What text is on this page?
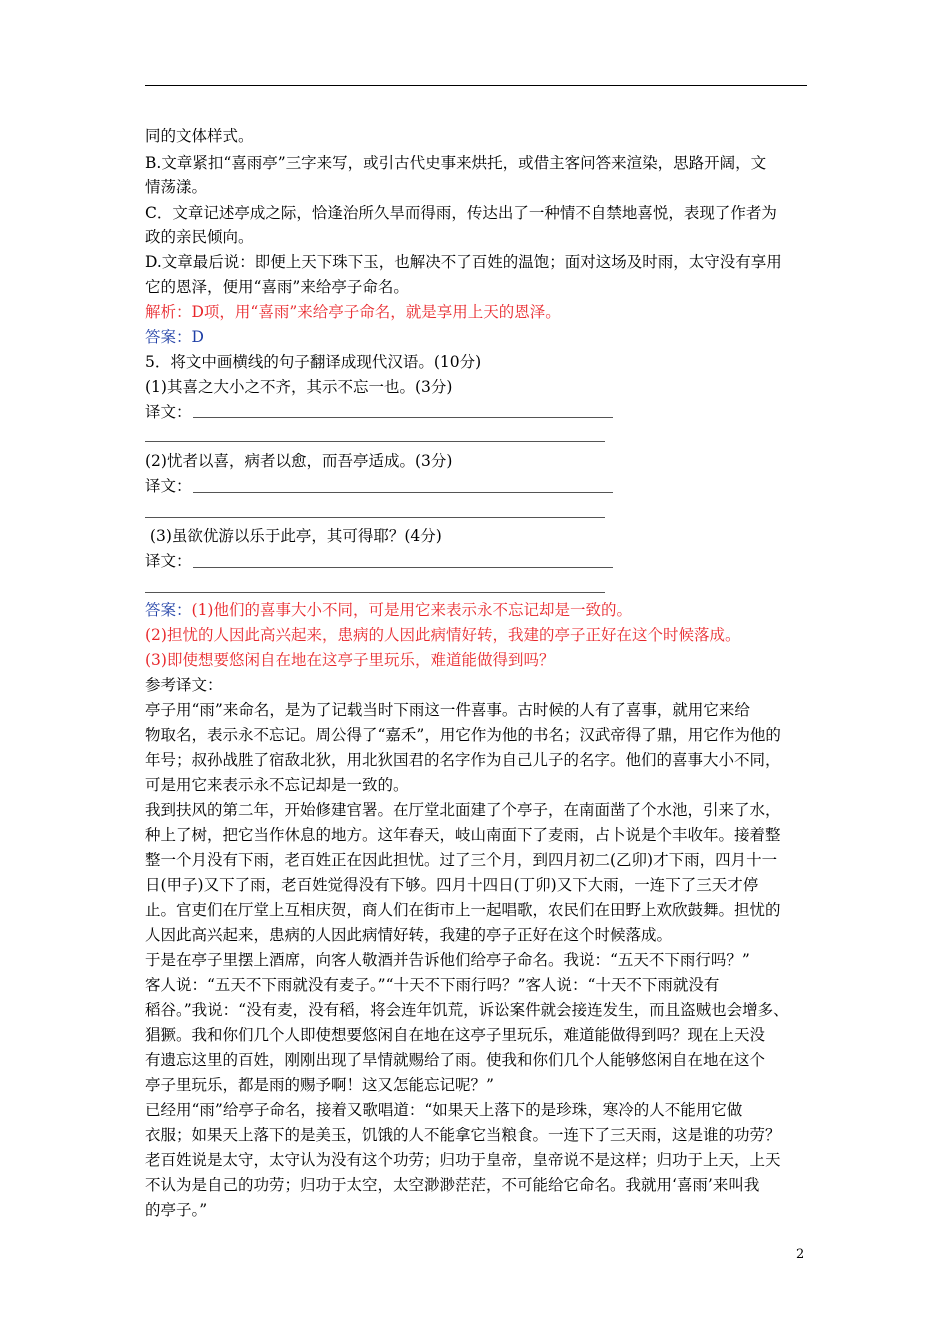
同的文体样式。
B.文章紧扣“喜雨亭”三字来写，或引古代史事来烘托，或借主客问答来渲染，思路开阔，文
情荡漾。
C．文章记述亭成之际，恰逢治所久旱而得雨，传达出了一种情不自禁地喜悦，表现了作者为
政的亲民倾向。
D.文章最后说：即便上天下珠下玉，也解决不了百姓的温饱；面对这场及时雨，太守没有享用
它的恩泽，便用“喜雨”来给亭子命名。
解析：D项，用“喜雨”来给亭子命名，就是享用上天的恩泽。
答案：D
5．将文中画横线的句子翻译成现代汉语。(10分)
(1)其喜之大小之不齐，其示不忘一也。(3分)
译文：
(2)忧者以喜，病者以愈，而吾亭适成。(3分)
译文：
(3)虽欲优游以乐于此亭，其可得耶？(4分)
译文：
答案：(1)他们的喜事大小不同，可是用它来表示永不忘记却是一致的。
(2)担忧的人因此高兴起来，患病的人因此病情好转，我建的亭子正好在这个时候落成。
(3)即使想要悠闲自在地在这亭子里玩乐，难道能做得到吗？
参考译文：
亭子用“雨”来命名，是为了记载当时下雨这一件喜事。古时候的人有了喜事，就用它来给
物取名，表示永不忘记。周公得了“嘉禾”，用它作为他的书名；汉武帝得了鼎，用它作为他的
年号；叔孙战胜了宿敌北狄，用北狄国君的名字作为自己儿子的名字。他们的喜事大小不同，
可是用它来表示永不忘记却是一致的。
我到扶风的第二年，开始修建官署。在厅堂北面建了个亭子，在南面凿了个水池，引来了水，
种上了树，把它当作休息的地方。这年春天，岐山南面下了麦雨，占卜说是个丰收年。接着整
整一个月没有下雨，老百姓正在因此担忧。过了三个月，到四月初二(乙卯)才下雨，四月十一
日(甲子)又下了雨，老百姓觉得没有下够。四月十四日(丁卯)又下大雨，一连下了三天才停
止。官吏们在厅堂上互相庆贺，商人们在街市上一起唱歌，农民们在田野上欢欣鼓舞。担忧的
人因此高兴起来，患病的人因此病情好转，我建的亭子正好在这个时候落成。
于是在亭子里摆上酒席，向客人敬酒并告诉他们给亭子命名。我说：“五天不下雨行吗？”
客人说：“五天不下雨就没有麦子。”“十天不下雨行吗？”客人说：“十天不下雨就没有
稻谷。”我说：“没有麦，没有稻，将会连年饥荒，诉讼案件就会接连发生，而且盗贼也会增多、
猖獗。我和你们几个人即使想要悠闲自在地在这亭子里玩乐，难道能做得到吗？现在上天没
有遗忘这里的百姓，刚刚出现了旱情就赐给了雨。使我和你们几个人能够悠闲自在地在这个
亭子里玩乐，都是雨的赐予啊！这又怎能忘记呢？”
已经用“雨”给亭子命名，接着又歌唱道：“如果天上落下的是珍珠，寒冷的人不能用它做
衣服；如果天上落下的是美玉，饥饿的人不能拿它当粮食。一连下了三天雨，这是谁的功劳？
老百姓说是太守，太守认为没有这个功劳；归功于皇帝，皇帝说不是这样；归功于上天，上天
不认为是自己的功劳；归功于太空，太空渺渺茫茫，不可能给它命名。我就用‘喜雨’来叫我
的亭子。”
2
